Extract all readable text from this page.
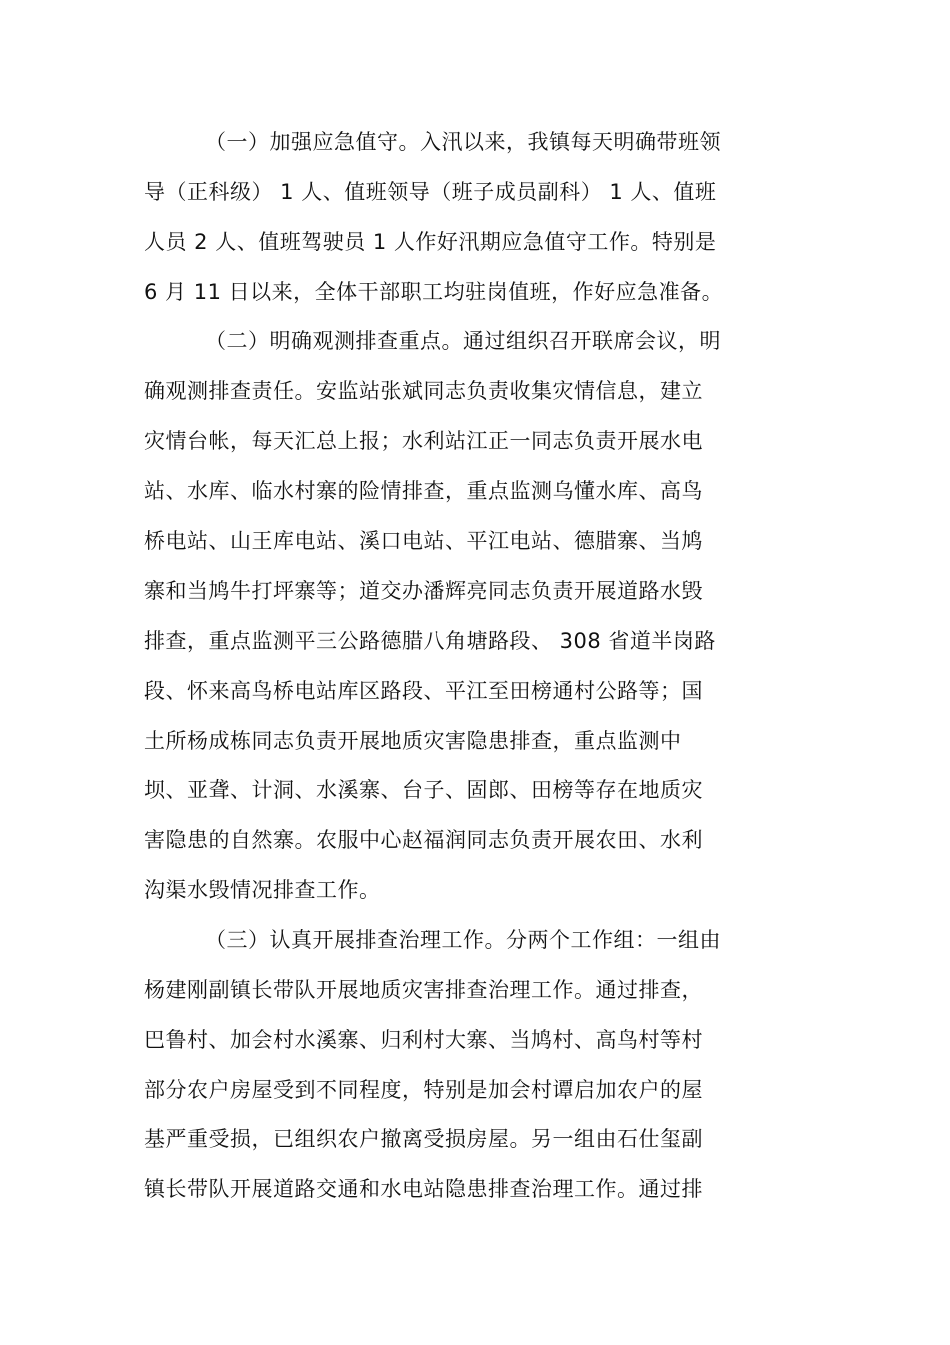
（一）加强应急值守。入汛以来，我镇每天明确带班领
导（正科级） 1 人、值班领导（班子成员副科） 1 人、值班
人员 2 人、值班驾驶员 1 人作好汛期应急值守工作。特别是
6 月 11 日以来，全体干部职工均驻岗值班，作好应急准备。
（二）明确观测排查重点。通过组织召开联席会议，明
确观测排查责任。安监站张斌同志负责收集灾情信息，建立
灾情台帐，每天汇总上报；水利站江正一同志负责开展水电
站、水库、临水村寨的险情排查，重点监测乌懂水库、高鸟
桥电站、山王库电站、溪口电站、平江电站、德腊寨、当鸠
寨和当鸠牛打坪寨等；道交办潘辉亮同志负责开展道路水毁
排查，重点监测平三公路德腊八角塘路段、 308 省道半岗路
段、怀来高鸟桥电站库区路段、平江至田榜通村公路等；国
土所杨成栋同志负责开展地质灾害隐患排查，重点监测中
坝、亚聋、计洞、水溪寨、台子、固郎、田榜等存在地质灾
害隐患的自然寨。农服中心赵福润同志负责开展农田、水利
沟渠水毁情况排查工作。
（三）认真开展排查治理工作。分两个工作组：一组由
杨建刚副镇长带队开展地质灾害排查治理工作。通过排查，
巴鲁村、加会村水溪寨、归利村大寨、当鸠村、高鸟村等村
部分农户房屋受到不同程度，特别是加会村谭启加农户的屋
基严重受损，已组织农户撤离受损房屋。另一组由石仕玺副
镇长带队开展道路交通和水电站隐患排查治理工作。通过排
